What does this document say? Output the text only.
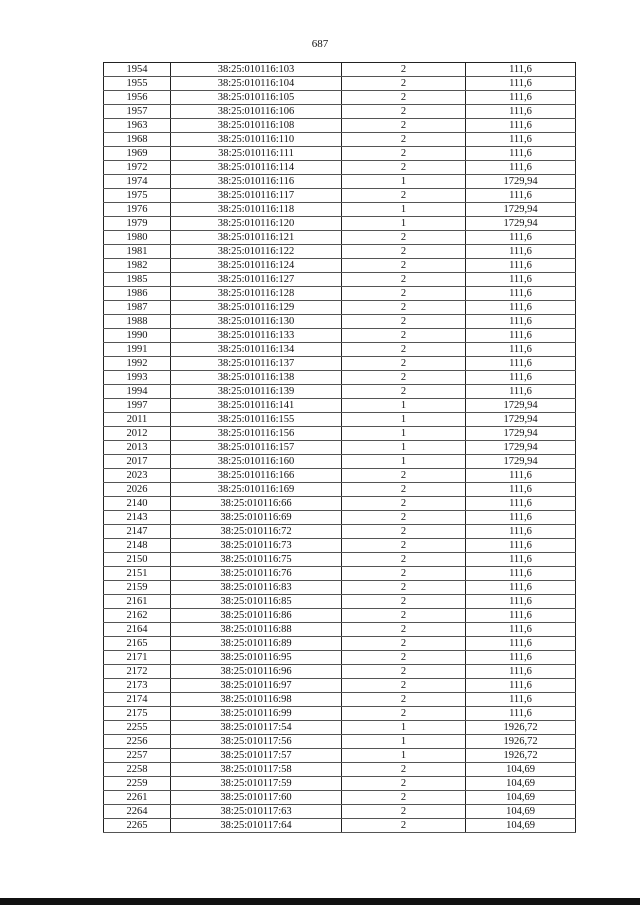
687
1954	38:25:010116:103	2	111,6
1955	38:25:010116:104	2	111,6
1956	38:25:010116:105	2	111,6
1957	38:25:010116:106	2	111,6
1963	38:25:010116:108	2	111,6
1968	38:25:010116:110	2	111,6
1969	38:25:010116:111	2	111,6
1972	38:25:010116:114	2	111,6
1974	38:25:010116:116	1	1729,94
1975	38:25:010116:117	2	111,6
1976	38:25:010116:118	1	1729,94
1979	38:25:010116:120	1	1729,94
1980	38:25:010116:121	2	111,6
1981	38:25:010116:122	2	111,6
1982	38:25:010116:124	2	111,6
1985	38:25:010116:127	2	111,6
1986	38:25:010116:128	2	111,6
1987	38:25:010116:129	2	111,6
1988	38:25:010116:130	2	111,6
1990	38:25:010116:133	2	111,6
1991	38:25:010116:134	2	111,6
1992	38:25:010116:137	2	111,6
1993	38:25:010116:138	2	111,6
1994	38:25:010116:139	2	111,6
1997	38:25:010116:141	1	1729,94
2011	38:25:010116:155	1	1729,94
2012	38:25:010116:156	1	1729,94
2013	38:25:010116:157	1	1729,94
2017	38:25:010116:160	1	1729,94
2023	38:25:010116:166	2	111,6
2026	38:25:010116:169	2	111,6
2140	38:25:010116:66	2	111,6
2143	38:25:010116:69	2	111,6
2147	38:25:010116:72	2	111,6
2148	38:25:010116:73	2	111,6
2150	38:25:010116:75	2	111,6
2151	38:25:010116:76	2	111,6
2159	38:25:010116:83	2	111,6
2161	38:25:010116:85	2	111,6
2162	38:25:010116:86	2	111,6
2164	38:25:010116:88	2	111,6
2165	38:25:010116:89	2	111,6
2171	38:25:010116:95	2	111,6
2172	38:25:010116:96	2	111,6
2173	38:25:010116:97	2	111,6
2174	38:25:010116:98	2	111,6
2175	38:25:010116:99	2	111,6
2255	38:25:010117:54	1	1926,72
2256	38:25:010117:56	1	1926,72
2257	38:25:010117:57	1	1926,72
2258	38:25:010117:58	2	104,69
2259	38:25:010117:59	2	104,69
2261	38:25:010117:60	2	104,69
2264	38:25:010117:63	2	104,69
2265	38:25:010117:64	2	104,69
